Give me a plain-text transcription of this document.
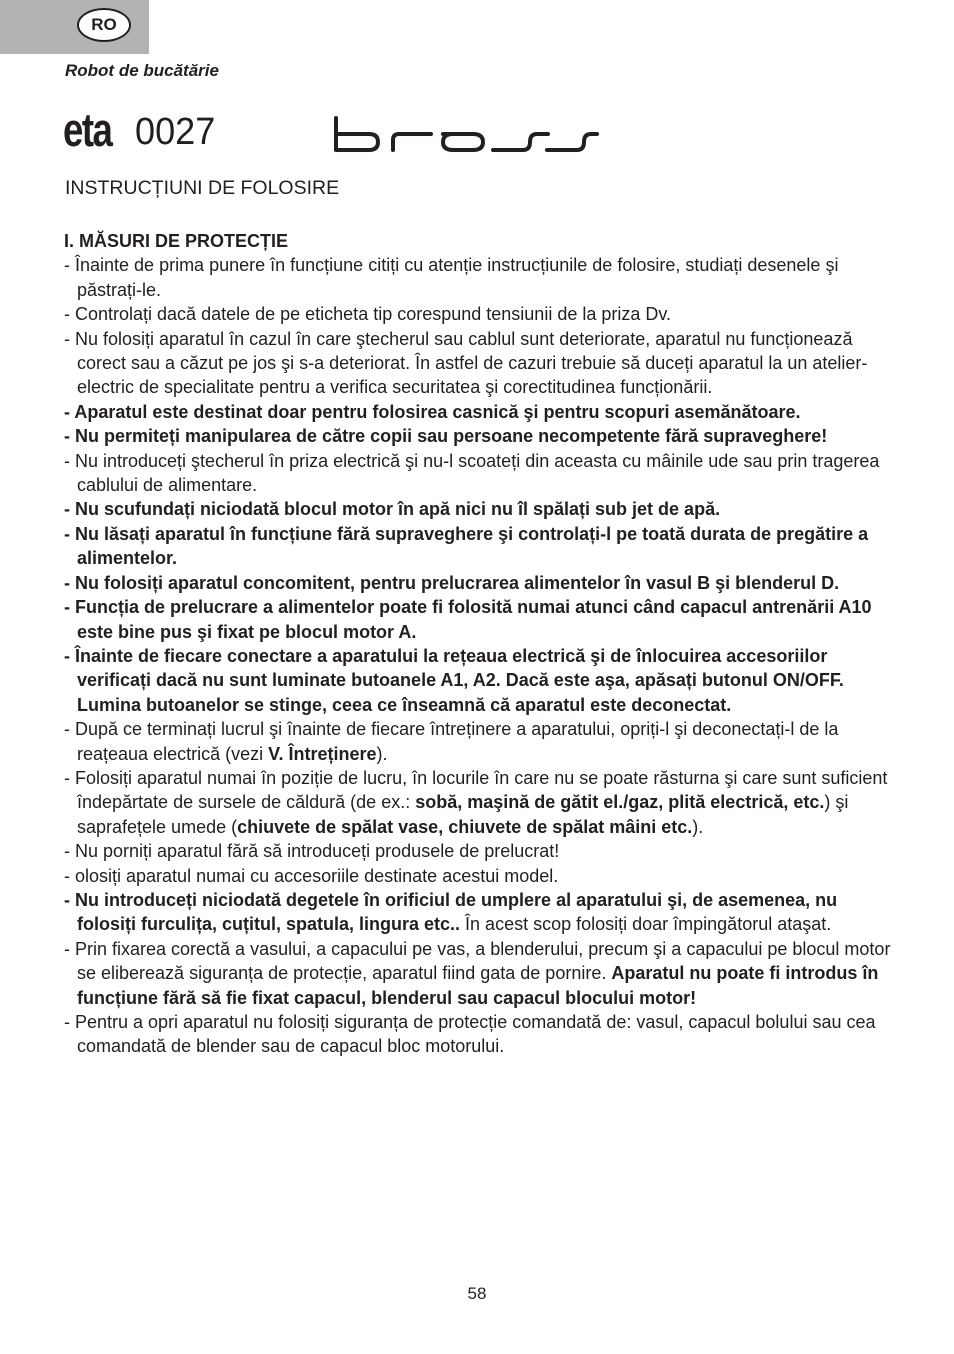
RO
Robot de bucătărie
eta 0027
INSTRUCȚIUNI DE FOLOSIRE
I. MĂSURI DE PROTECȚIE
- Înainte de prima punere în funcțiune citiți cu atenție instrucțiunile de folosire, studiați desenele şi păstrați-le.
- Controlați dacă datele de pe eticheta tip corespund tensiunii de la priza Dv.
- Nu folosiți aparatul în cazul în care ştecherul sau cablul sunt deteriorate, aparatul nu funcționează corect sau a căzut pe jos şi s-a deteriorat. În astfel de cazuri trebuie să duceți aparatul la un atelier-electric de specialitate pentru a verifica securitatea şi corectitudinea funcționării.
- Aparatul este destinat doar pentru folosirea casnică şi pentru scopuri asemănătoare.
- Nu permiteți manipularea de către copii sau persoane necompetente fără supraveghere!
- Nu introduceți ştecherul în priza electrică şi nu-l scoateți din aceasta cu mâinile ude sau prin tragerea cablului de alimentare.
- Nu scufundați niciodată blocul motor în apă nici nu îl spălați sub jet de apă.
- Nu lăsați aparatul în funcțiune fără supraveghere şi controlați-l pe toată durata de pregătire a alimentelor.
- Nu folosiți aparatul concomitent, pentru prelucrarea alimentelor în vasul B şi blenderul D.
- Funcția de prelucrare a alimentelor poate fi folosită numai atunci când capacul antrenării A10 este bine pus şi fixat pe blocul motor A.
- Înainte de fiecare conectare a aparatului la rețeaua electrică şi de înlocuirea accesoriilor verificați dacă nu sunt luminate butoanele A1, A2. Dacă este aşa, apăsați butonul ON/OFF. Lumina butoanelor se stinge, ceea ce înseamnă că aparatul este deconectat.
- După ce terminați lucrul şi înainte de fiecare întreținere a aparatului, opriți-l şi deconectați-l de la reațeaua electrică (vezi V. Întreținere).
- Folosiți aparatul numai în poziție de lucru, în locurile în care nu se poate răsturna şi care sunt suficient îndepărtate de sursele de căldură (de ex.: sobă, maşină de gătit el./gaz, plită electrică, etc.) şi saprafețele umede (chiuvete de spălat vase, chiuvete de spălat mâini etc.).
- Nu porniți aparatul fără să introduceți produsele de prelucrat!
- olosiți aparatul numai cu accesoriile destinate acestui model.
- Nu introduceți niciodată degetele în orificiul de umplere al aparatului şi, de asemenea, nu folosiți furculița, cuțitul, spatula, lingura etc.. În acest scop folosiți doar împingătorul ataşat.
- Prin fixarea corectă a vasului, a capacului pe vas, a blenderului, precum şi a capacului pe blocul motor se eliberează siguranța de protecție, aparatul fiind gata de pornire. Aparatul nu poate fi introdus în funcțiune fără să fie fixat capacul, blenderul sau capacul blocului motor!
- Pentru a opri aparatul nu folosiți siguranța de protecție comandată de: vasul, capacul bolului sau cea comandată de blender sau de capacul bloc motorului.
58
